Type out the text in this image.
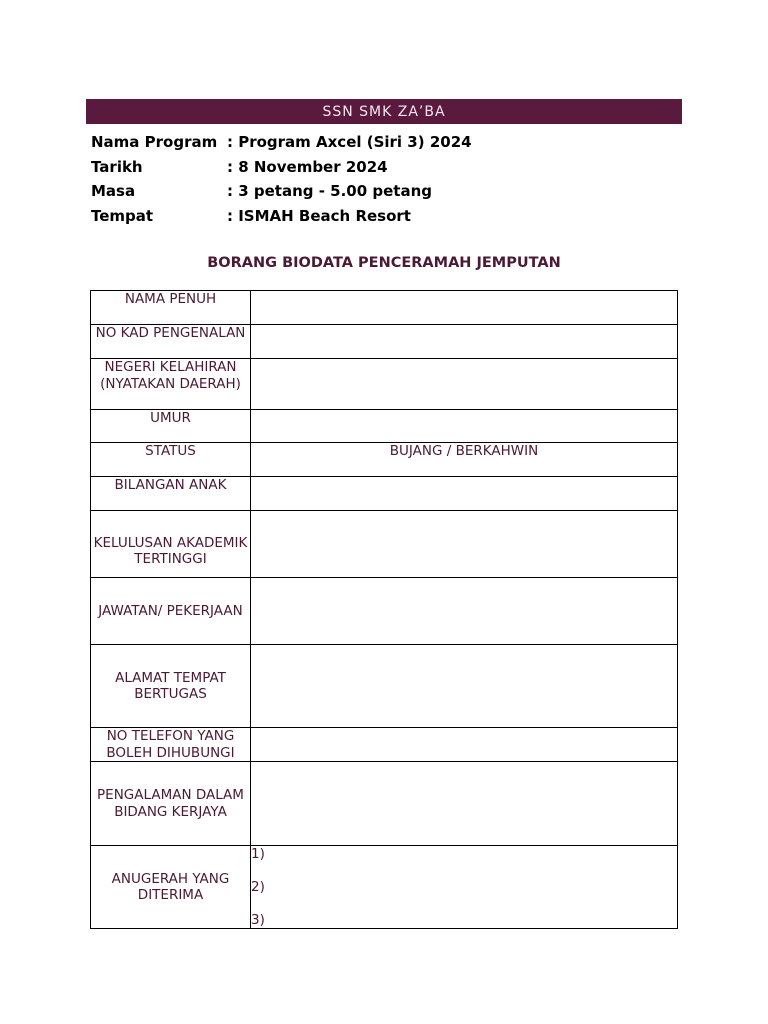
SSN SMK ZA’BA
Nama Program : Program Axcel (Siri 3) 2024
Tarikh	: 8 November 2024
Masa	: 3 petang - 5.00 petang
Tempat	: ISMAH Beach Resort
BORANG BIODATA PENCERAMAH JEMPUTAN
NAMA PENUH	
NO KAD PENGENALAN	
NEGERI KELAHIRAN (NYATAKAN DAERAH)	
UMUR	
STATUS	BUJANG / BERKAHWIN
BILANGAN ANAK	
KELULUSAN AKADEMIK TERTINGGI	
JAWATAN/ PEKERJAAN	
ALAMAT TEMPAT BERTUGAS	
NO TELEFON YANG BOLEH DIHUBUNGI	
PENGALAMAN DALAM BIDANG KERJAYA	
ANUGERAH YANG DITERIMA	1)
2)
3)
